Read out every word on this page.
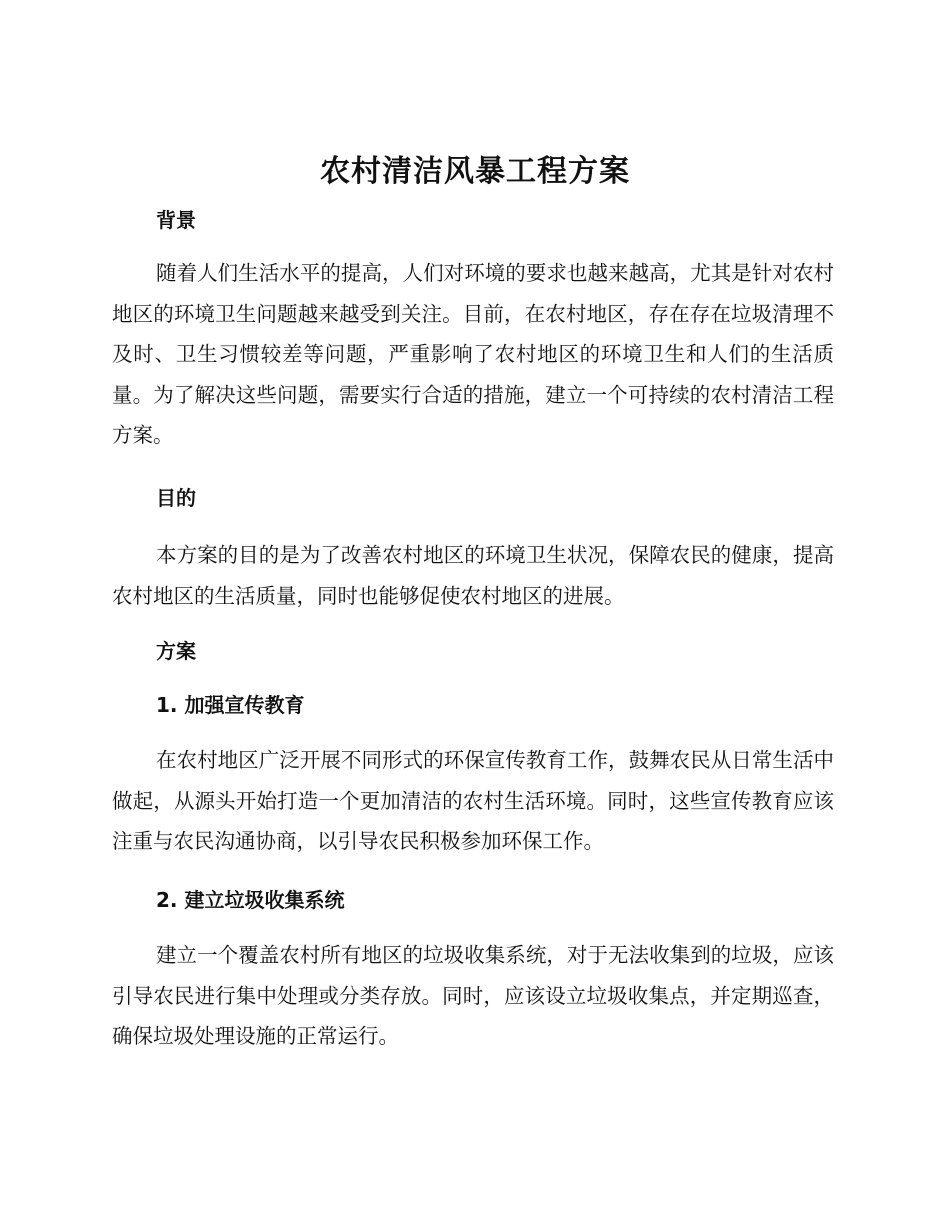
农村清洁风暴工程方案
背景

随着人们生活水平的提高，人们对环境的要求也越来越高，尤其是针对农村地区的环境卫生问题越来越受到关注。目前，在农村地区，存在存在垃圾清理不及时、卫生习惯较差等问题，严重影响了农村地区的环境卫生和人们的生活质量。为了解决这些问题，需要实行合适的措施，建立一个可持续的农村清洁工程方案。

目的

本方案的目的是为了改善农村地区的环境卫生状况，保障农民的健康，提高农村地区的生活质量，同时也能够促使农村地区的进展。

方案
1. 加强宣传教育

在农村地区广泛开展不同形式的环保宣传教育工作，鼓舞农民从日常生活中做起，从源头开始打造一个更加清洁的农村生活环境。同时，这些宣传教育应该注重与农民沟通协商，以引导农民积极参加环保工作。

2. 建立垃圾收集系统

建立一个覆盖农村所有地区的垃圾收集系统，对于无法收集到的垃圾，应该引导农民进行集中处理或分类存放。同时，应该设立垃圾收集点，并定期巡查，确保垃圾处理设施的正常运行。
